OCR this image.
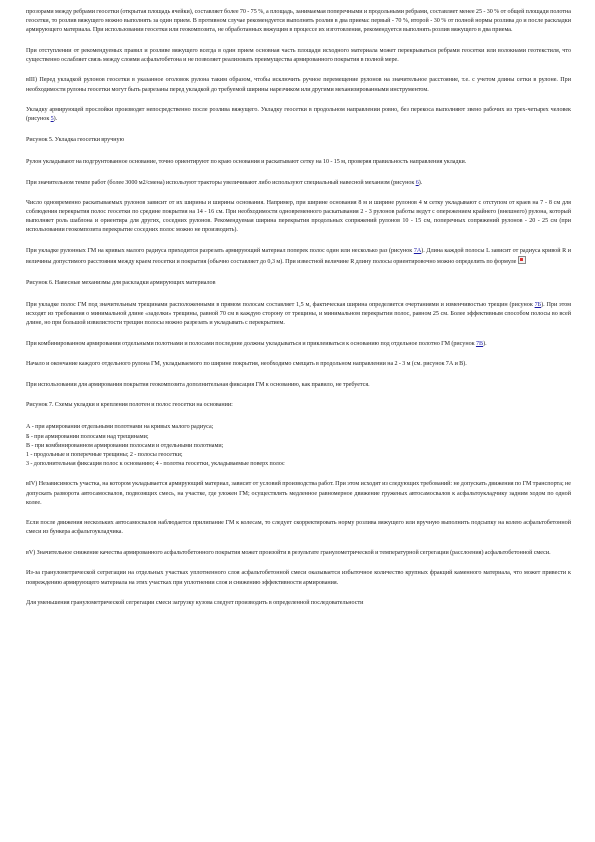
прозорами между ребрами геосетки (открытая площадь ячейки), составляет более 70 - 75 %, а площадь, занимаемая поперечными и продольными ребрами, составляет менее 25 - 30 % от общей площади полотна геосетки, то розлив вяжущего можно выполнять за один прием. В противном случае рекомендуется выполнять розлив в два приема: первый - 70 %, второй - 30 % от полной нормы розлива до и после раскладки армирующего материала. При использовании геосетки или геокомпозита, не обработанных вяжущим в процессе их изготовления, рекомендуется выполнять розлив вяжущего в два приема.

При отступлении от рекомендуемых правил и розливе вяжущего всегда в один прием основная часть площади исходного материала может перекрываться ребрами геосетки или волокнами геотекстиля, что существенно ослабляет связь между слоями асфальтобетона и не позволяет реализовать преимущества армированного покрытия в полной мере.

вIII) Перед укладкой рулонов геосетки в указанное оголовок рулона таким образом, чтобы исключить ручное перемещение рулонов на значительное расстояние, т.е. с учетом длины сетки в рулоне. При необходимости рулоны геосетки могут быть разрезаны перед укладкой до требуемой ширины нарезчиком или другими механизированными инструментом.

Укладку армирующей прослойки производят непосредственно после розлива вяжущего. Укладку геосетки в продольном направлении ровно, без перекоса выполняют звено рабочих из трех-четырех человек (рисунок 5).

Рисунок 5. Укладка геосетки вручную

Рулон укладывают на подгрунтованное основание, точно ориентируют по краю основания и раскатывают сетку на 10 - 15 м, проверяя правильность направления укладки.

При значительном темпе работ (более 3000 м2/смена) используют тракторы увеличивают либо используют специальный навесной механизм (рисунок 6).

Число одновременно раскатываемых рулонов зависит от их ширины и ширины основания. Например, при ширине основания 8 м и ширине рулонов 4 м сетку укладывают с отступом от краев на 7 - 8 см для соблюдения перекрытия полос геосетки по средине покрытия на 14 - 16 см. При необходимости одновременного раскатывания 2 - 3 рулонов работы ведут с опережением крайнего (внешнего) рулона, который выполняет роль шаблона и ориентира для других, соседних рулонов. Рекомендуемая ширина перекрытия продольных сопряжений рулонов 10 - 15 см, поперечных сопряжений рулонов - 20 - 25 см (при использовании геокомпозита перекрытие соседних полос можно не производить).

При укладке рулонных ГМ на кривых малого радиуса приходится разрезать армирующий материал поперек полос один или несколько раз (рисунок 7А). Длина каждой полосы L зависит от радиуса кривой R и величины допустимого расстояния между краем геосетки и покрытия (обычно составляет до 0,3 м). При известной величине R длину полосы ориентировочно можно определить по формуле

Рисунок 6. Навесные механизмы для раскладки армирующих материалов

При укладке полос ГМ под значительным трещинами расположенными в прямом полосам составляет 1,5 м, фактическая ширина определяется очертаниями и изменчивостью трещин (рисунок 7Б). При этом исходят из требования о минимальной длине «заделки» трещины, равной 70 см в каждую сторону от трещины, и минимальном перекрытии полос, равном 25 см. Более эффективным способом полосы во всей длине, но при большой извилистости трещин полосы можно разрезать и укладывать с перекрытием.

При комбинированном армировании отдельными полотнами и полосами последние должны укладываться и приклеиваться к основанию под отдельное полотно ГМ (рисунок 7В).

Начало и окончание каждого отдельного рулона ГМ, укладываемого по ширине покрытия, необходимо смещать в продольном направлении на 2 - 3 м (см. рисунок 7А и В).

При использовании для армирования покрытия геокомпозита дополнительная фиксация ГМ к основанию, как правило, не требуется.

Рисунок 7. Схемы укладки и крепления полотен и полос геосетки на основании:

А - при армировании отдельными полотнами на кривых малого радиуса;

Б - при армировании полосами над трещинами;

В - при комбинированном армировании полосами и отдельными полотнами;

1 - продольные и поперечные трещины; 2 - полосы геосетки;

3 - дополнительная фиксация полос к основанию; 4 - полотна геосетки, укладываемые поверх полос

вIV) Независимость участка, на котором укладывается армирующий материал, зависит от условий производства работ. При этом исходят из следующих требований: не допускать движения по ГМ транспорта; не допускать разворота автосамосвалов, подвозящих смесь, на участке, где уложен ГМ; осуществлять медленное равномерное движение груженых автосамосвалов к асфальтоукладчику задним ходом по одной колее.

Если после движения нескольких автосамосвалов наблюдается прилипание ГМ к колесам, то следует скорректировать норму розлива вяжущего или вручную выполнить подсыпку на колею асфальтобетонной смеси из бункера асфальтоукладчика.

вV) Значительное снижение качества армированного асфальтобетонного покрытия может произойти в результате гранулометрической и температурной сегрегации (расслоения) асфальтобетонной смеси.

Из-за гранулометрической сегрегации на отдельных участках уплотненного слоя асфальтобетонной смеси оказывается избыточное количество крупных фракций каменного материала, что может привести к повреждению армирующего материала на этих участках при уплотнении слоя и снижению эффективности армирования.

Для уменьшения гранулометрической сегрегации смеси загрузку кузова следует производить в определенной последовательности
